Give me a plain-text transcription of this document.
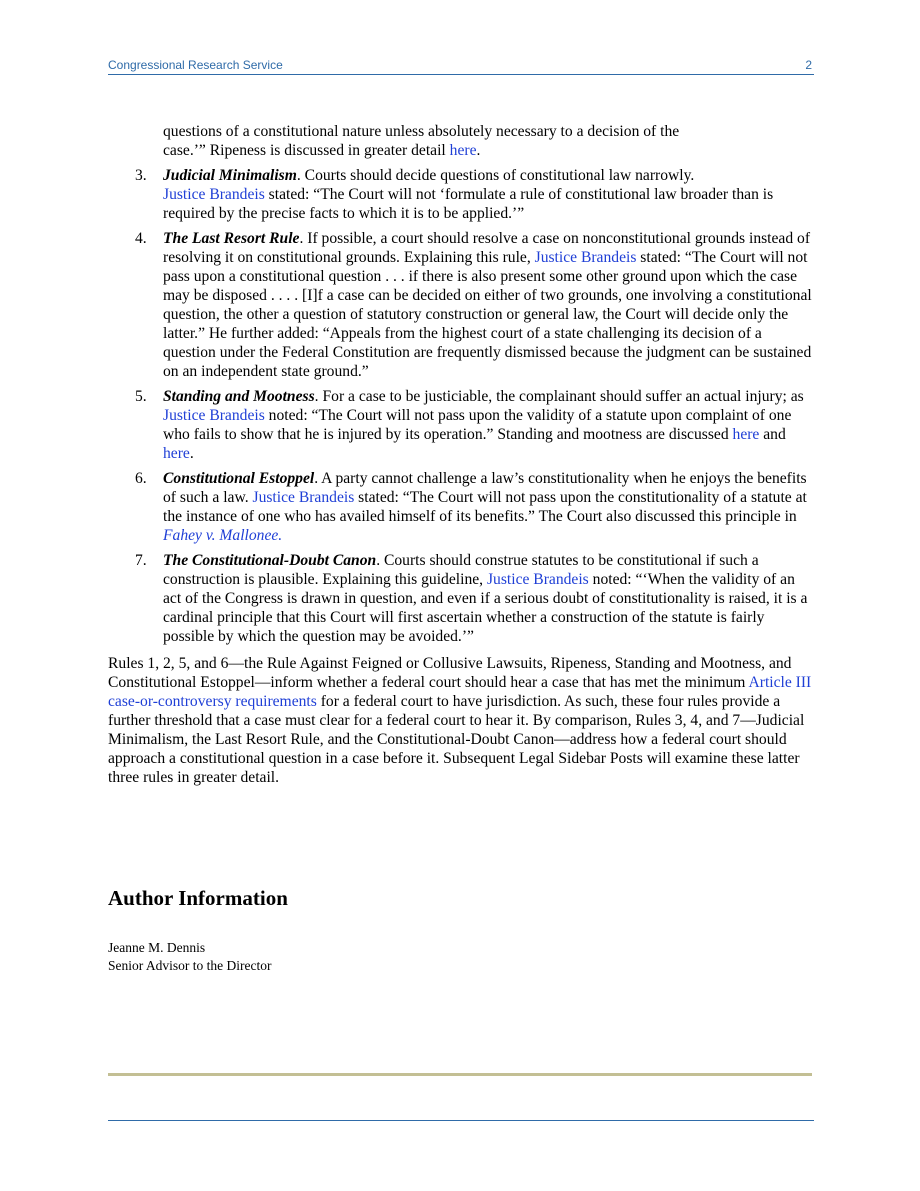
Congressional Research Service	2
questions of a constitutional nature unless absolutely necessary to a decision of the
case.’” Ripeness is discussed in greater detail here.
3. Judicial Minimalism. Courts should decide questions of constitutional law narrowly.
Justice Brandeis stated: “The Court will not ‘formulate a rule of constitutional law broader than is required by the precise facts to which it is to be applied.’”
4. The Last Resort Rule. If possible, a court should resolve a case on nonconstitutional grounds instead of resolving it on constitutional grounds. Explaining this rule, Justice Brandeis stated: “The Court will not pass upon a constitutional question . . . if there is also present some other ground upon which the case may be disposed . . . . [I]f a case can be decided on either of two grounds, one involving a constitutional question, the other a question of statutory construction or general law, the Court will decide only the latter.” He further added: “Appeals from the highest court of a state challenging its decision of a question under the Federal Constitution are frequently dismissed because the judgment can be sustained on an independent state ground.”
5. Standing and Mootness. For a case to be justiciable, the complainant should suffer an actual injury; as Justice Brandeis noted: “The Court will not pass upon the validity of a statute upon complaint of one who fails to show that he is injured by its operation.” Standing and mootness are discussed here and here.
6. Constitutional Estoppel. A party cannot challenge a law’s constitutionality when he enjoys the benefits of such a law. Justice Brandeis stated: “The Court will not pass upon the constitutionality of a statute at the instance of one who has availed himself of its benefits.” The Court also discussed this principle in Fahey v. Mallonee.
7. The Constitutional-Doubt Canon. Courts should construe statutes to be constitutional if such a construction is plausible. Explaining this guideline, Justice Brandeis noted: “‘When the validity of an act of the Congress is drawn in question, and even if a serious doubt of constitutionality is raised, it is a cardinal principle that this Court will first ascertain whether a construction of the statute is fairly possible by which the question may be avoided.’”

Rules 1, 2, 5, and 6—the Rule Against Feigned or Collusive Lawsuits, Ripeness, Standing and Mootness, and Constitutional Estoppel—inform whether a federal court should hear a case that has met the minimum Article III case-or-controversy requirements for a federal court to have jurisdiction. As such, these four rules provide a further threshold that a case must clear for a federal court to hear it. By comparison, Rules 3, 4, and 7—Judicial Minimalism, the Last Resort Rule, and the Constitutional-Doubt Canon—address how a federal court should approach a constitutional question in a case before it. Subsequent Legal Sidebar Posts will examine these latter three rules in greater detail.

Author Information
Jeanne M. Dennis
Senior Advisor to the Director
